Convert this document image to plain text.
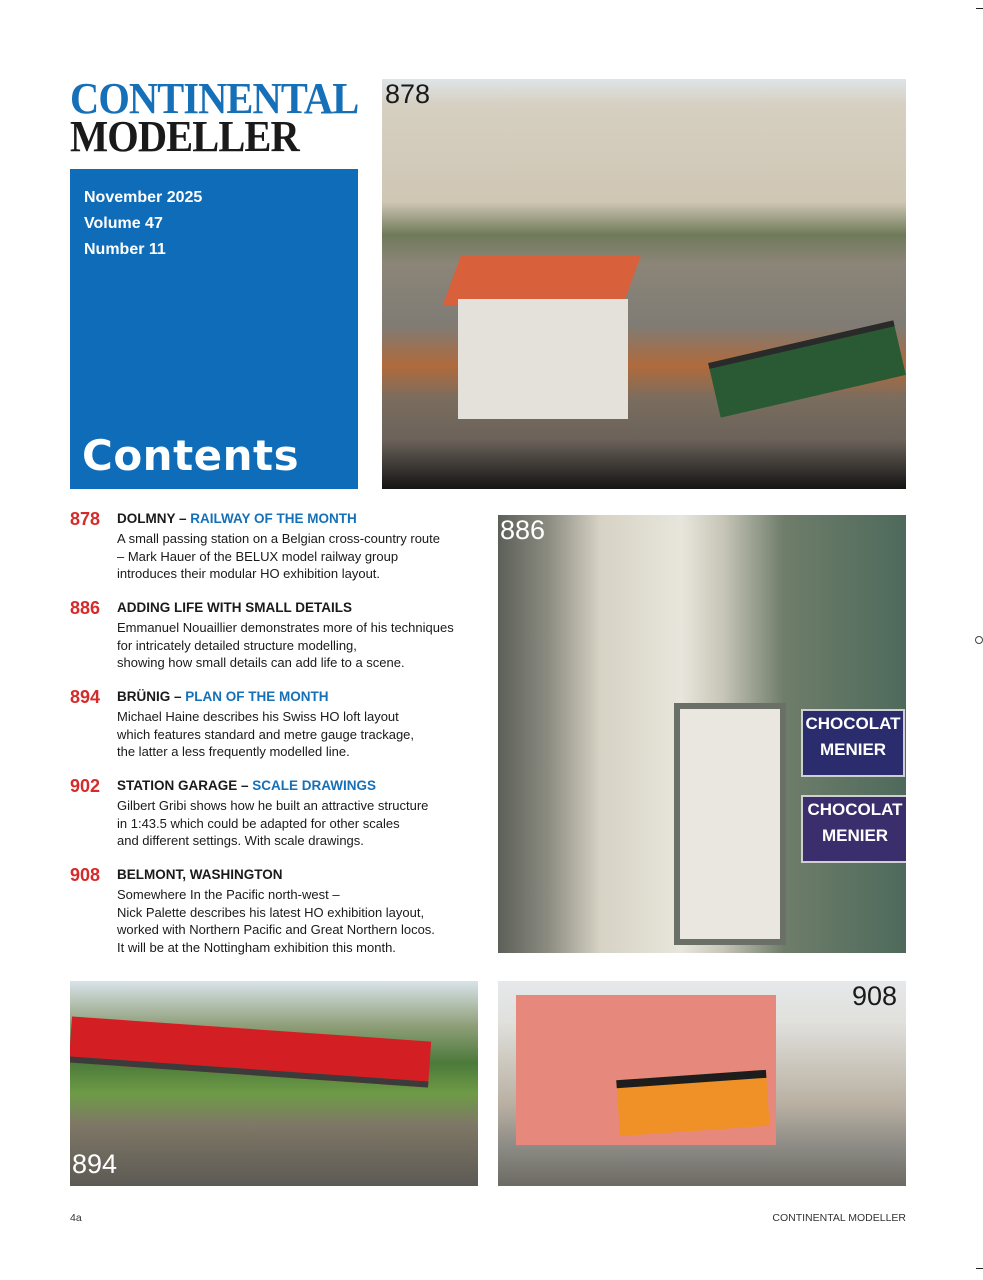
CONTINENTAL
MODELLER
November 2025
Volume 47
Number 11
Contents
878
CHOCOLAT
MENIER
CHOCOLAT
MENIER
886
878 DOLMNY – RAILWAY OF THE MONTH
A small passing station on a Belgian cross-country route
– Mark Hauer of the BELUX model railway group
introduces their modular HO exhibition layout.
886 ADDING LIFE WITH SMALL DETAILS
Emmanuel Nouaillier demonstrates more of his techniques
for intricately detailed structure modelling,
showing how small details can add life to a scene.
894 BRÜNIG – PLAN OF THE MONTH
Michael Haine describes his Swiss HO loft layout
which features standard and metre gauge trackage,
the latter a less frequently modelled line.
902 STATION GARAGE – SCALE DRAWINGS
Gilbert Gribi shows how he built an attractive structure
in 1:43.5 which could be adapted for other scales
and different settings. With scale drawings.
908 BELMONT, WASHINGTON
Somewhere In the Pacific north-west –
Nick Palette describes his latest HO exhibition layout,
worked with Northern Pacific and Great Northern locos.
It will be at the Nottingham exhibition this month.
894
908
4a	CONTINENTAL MODELLER
